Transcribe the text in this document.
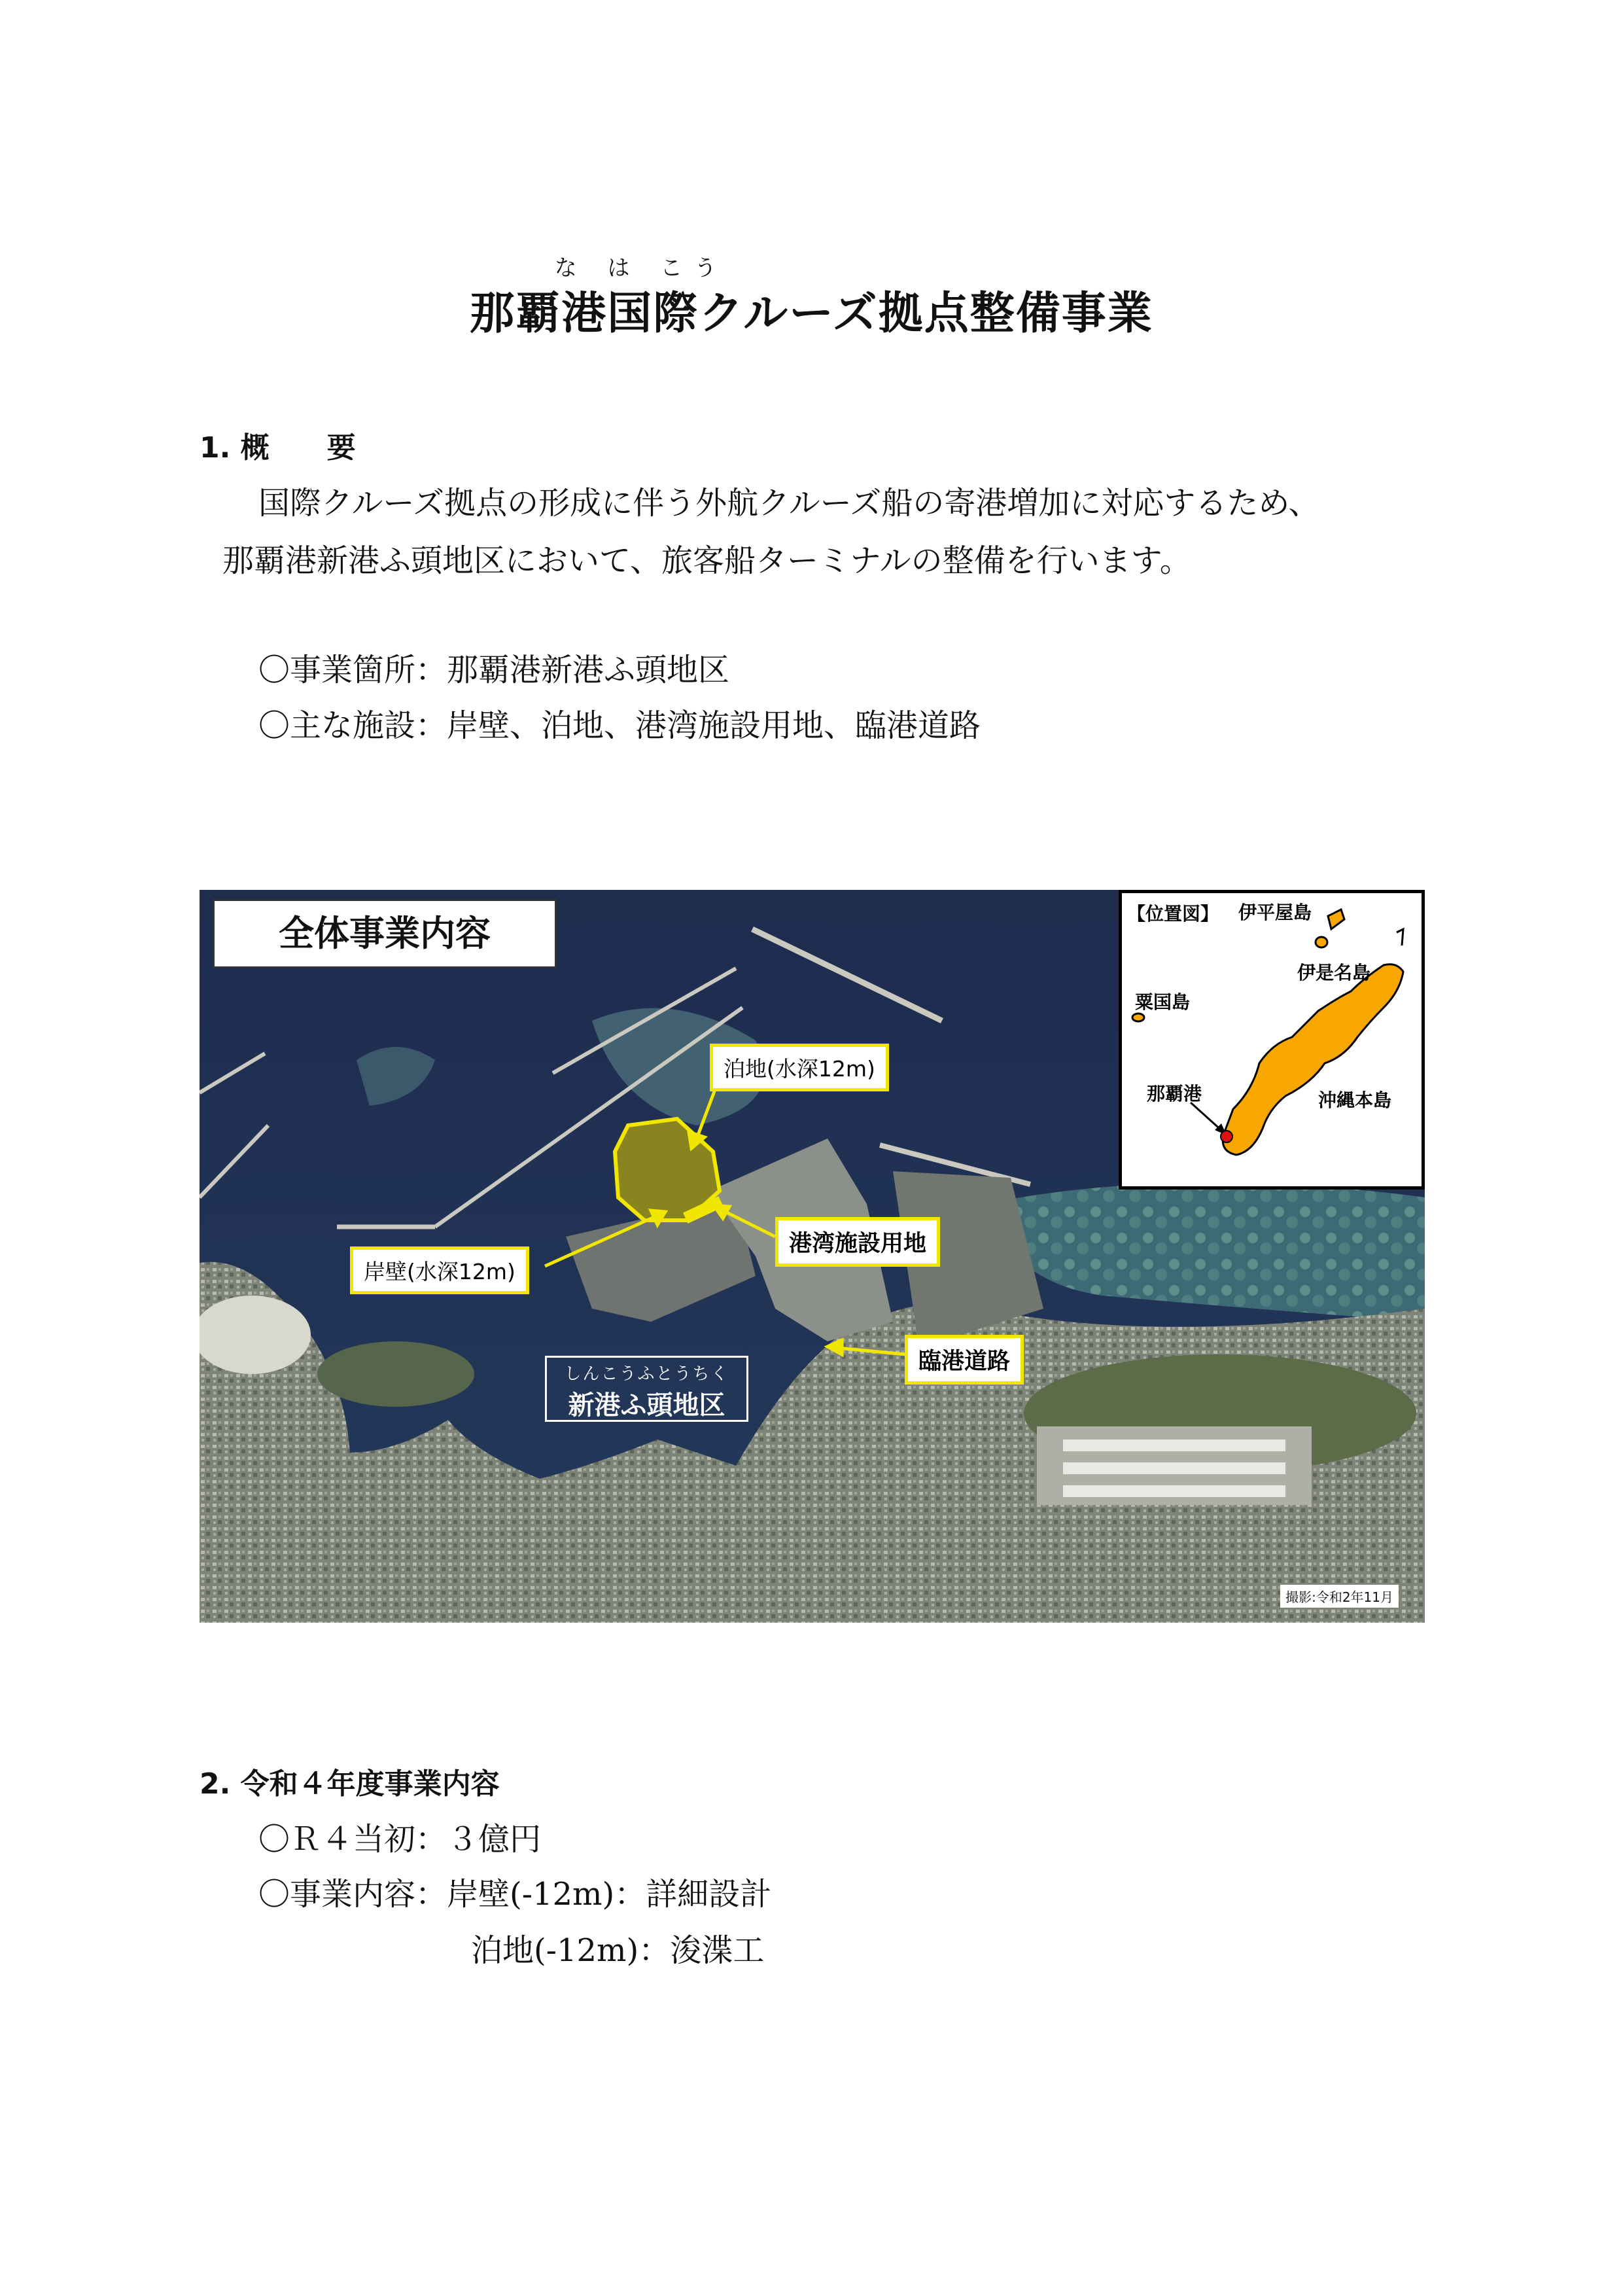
な は こう
那覇港国際クルーズ拠点整備事業
1. 概　　要
国際クルーズ拠点の形成に伴う外航クルーズ船の寄港増加に対応するため、
那覇港新港ふ頭地区において、旅客船ターミナルの整備を行います。
〇事業箇所：那覇港新港ふ頭地区
〇主な施設：岸壁、泊地、港湾施設用地、臨港道路
全体事業内容
泊地(水深12m)
岸壁(水深12m)
港湾施設用地
臨港道路
しんこうふとうちく
新港ふ頭地区
撮影:令和2年11月
【位置図】 伊平屋島
伊是名島
粟国島
那覇港	沖縄本島
2. 令和４年度事業内容
〇Ｒ４当初：３億円
〇事業内容：岸壁(-12m)：詳細設計
泊地(-12m)：浚渫工
